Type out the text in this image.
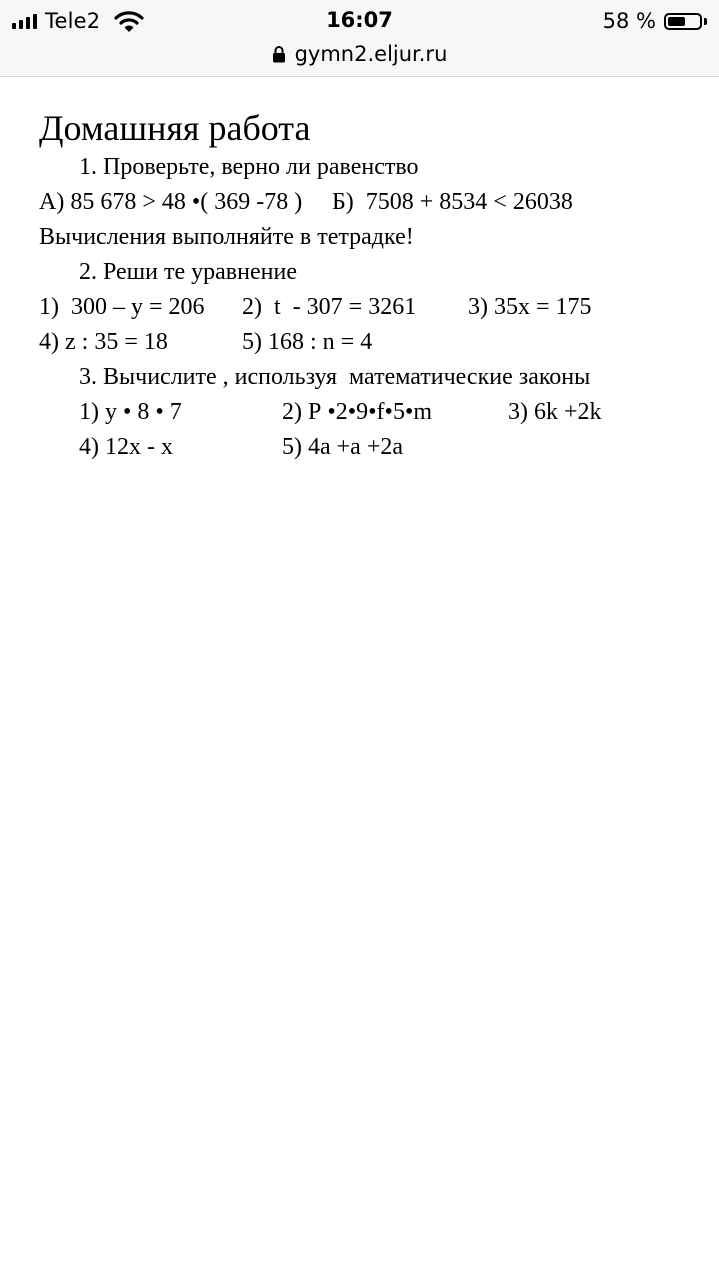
Tele2	16:07	58 %
gymn2.eljur.ru
Домашняя работа

1. Проверьте, верно ли равенство

А) 85 678 > 48 •( 369 -78 )

Б)  7508 + 8534 < 26038

Вычисления выполняйте в тетрадке!

2. Реши те уравнение

1)  300 – у = 206

2)  t  - 307 = 3261

3) 35х = 175

4) z : 35 = 18

	5) 168 : n = 4

3. Вычислите , используя  математические законы

1) у • 8 • 7

	2) Р •2•9•f•5•m

	3) 6k +2k

4) 12х - х

	5) 4а +а +2а
